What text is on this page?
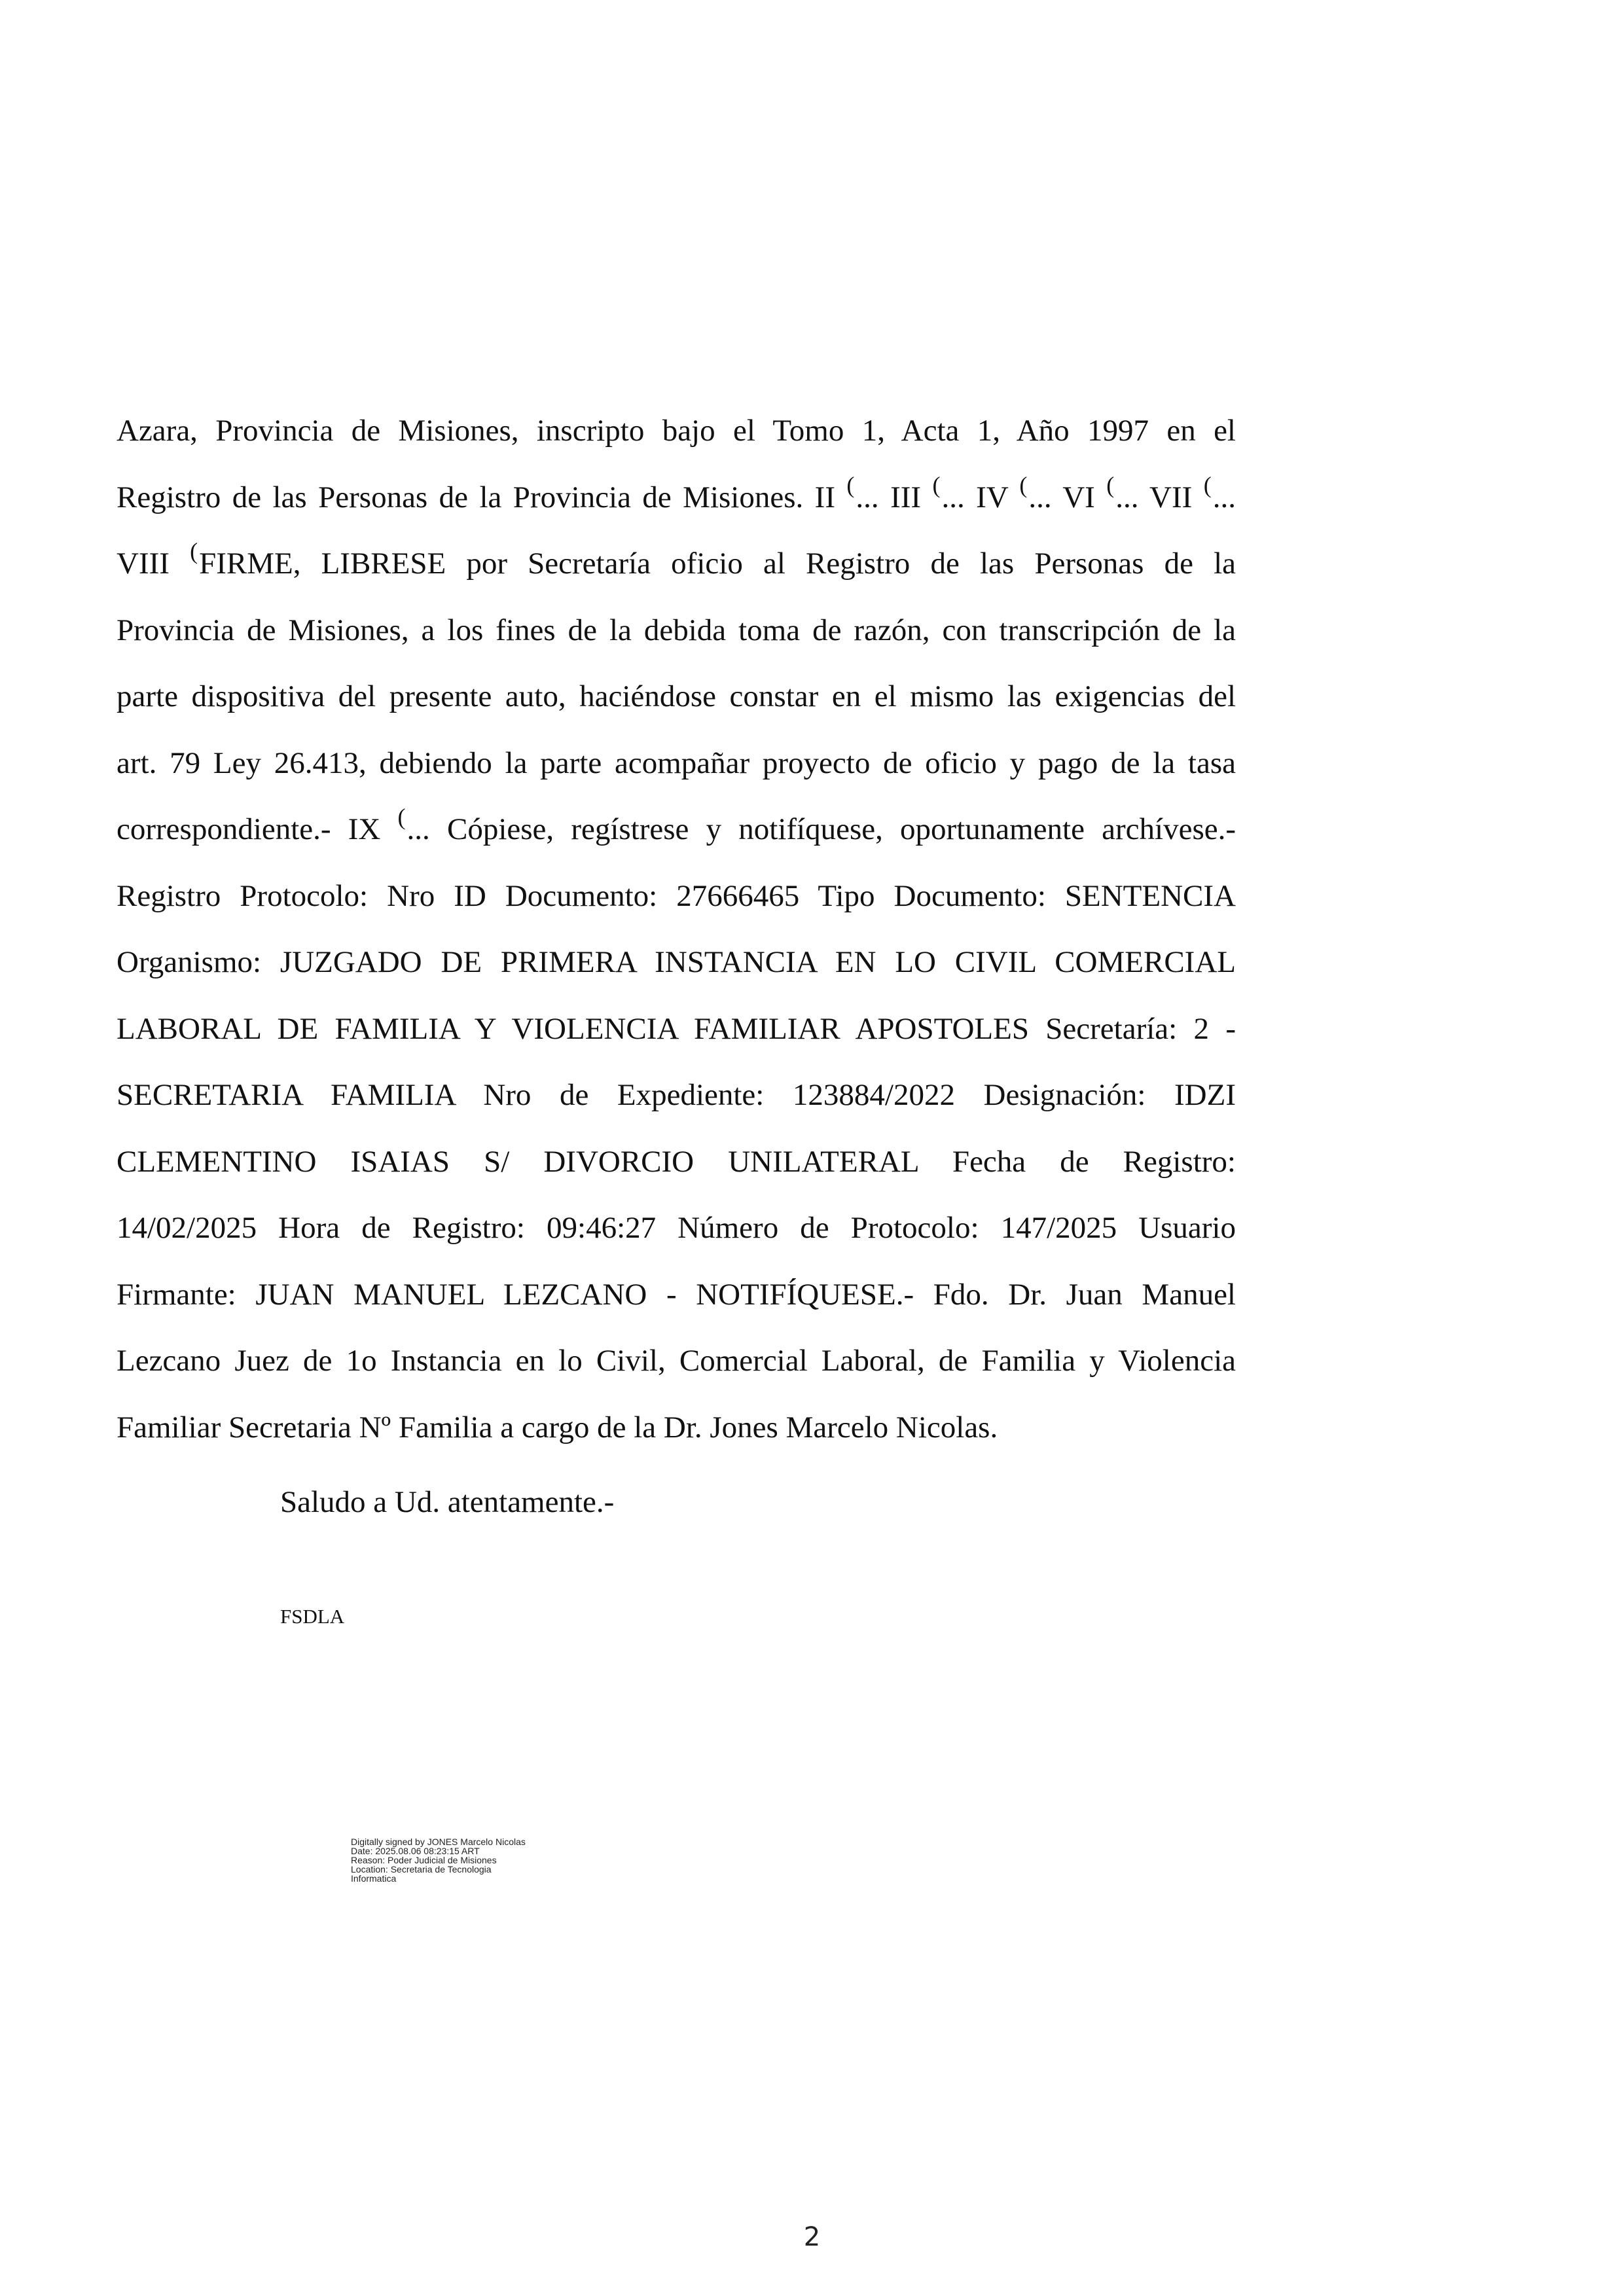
Azara, Provincia de Misiones, inscripto bajo el Tomo 1, Acta 1, Año 1997 en el
Registro de las Personas de la Provincia de Misiones. II (... III (... IV (... VI (... VII (...
VIII (FIRME, LIBRESE por Secretaría oficio al Registro de las Personas de la
Provincia de Misiones, a los fines de la debida toma de razón, con transcripción de la
parte dispositiva del presente auto, haciéndose constar en el mismo las exigencias del
art. 79 Ley 26.413, debiendo la parte acompañar proyecto de oficio y pago de la tasa
correspondiente.- IX (... Cópiese, regístrese y notifíquese, oportunamente archívese.-
Registro Protocolo: Nro ID Documento: 27666465 Tipo Documento: SENTENCIA
Organismo: JUZGADO DE PRIMERA INSTANCIA EN LO CIVIL COMERCIAL
LABORAL DE FAMILIA Y VIOLENCIA FAMILIAR APOSTOLES Secretaría: 2 -
SECRETARIA FAMILIA Nro de Expediente: 123884/2022 Designación: IDZI
CLEMENTINO ISAIAS S/ DIVORCIO UNILATERAL Fecha de Registro:
14/02/2025 Hora de Registro: 09:46:27 Número de Protocolo: 147/2025 Usuario
Firmante: JUAN MANUEL LEZCANO - NOTIFÍQUESE.- Fdo. Dr. Juan Manuel
Lezcano Juez de 1o Instancia en lo Civil, Comercial Laboral, de Familia y Violencia
Familiar Secretaria Nº Familia a cargo de la Dr. Jones Marcelo Nicolas.
Saludo a Ud. atentamente.-
FSDLA
Digitally signed by JONES Marcelo Nicolas
Date: 2025.08.06 08:23:15 ART
Reason: Poder Judicial de Misiones
Location: Secretaria de Tecnologia
Informatica
2
